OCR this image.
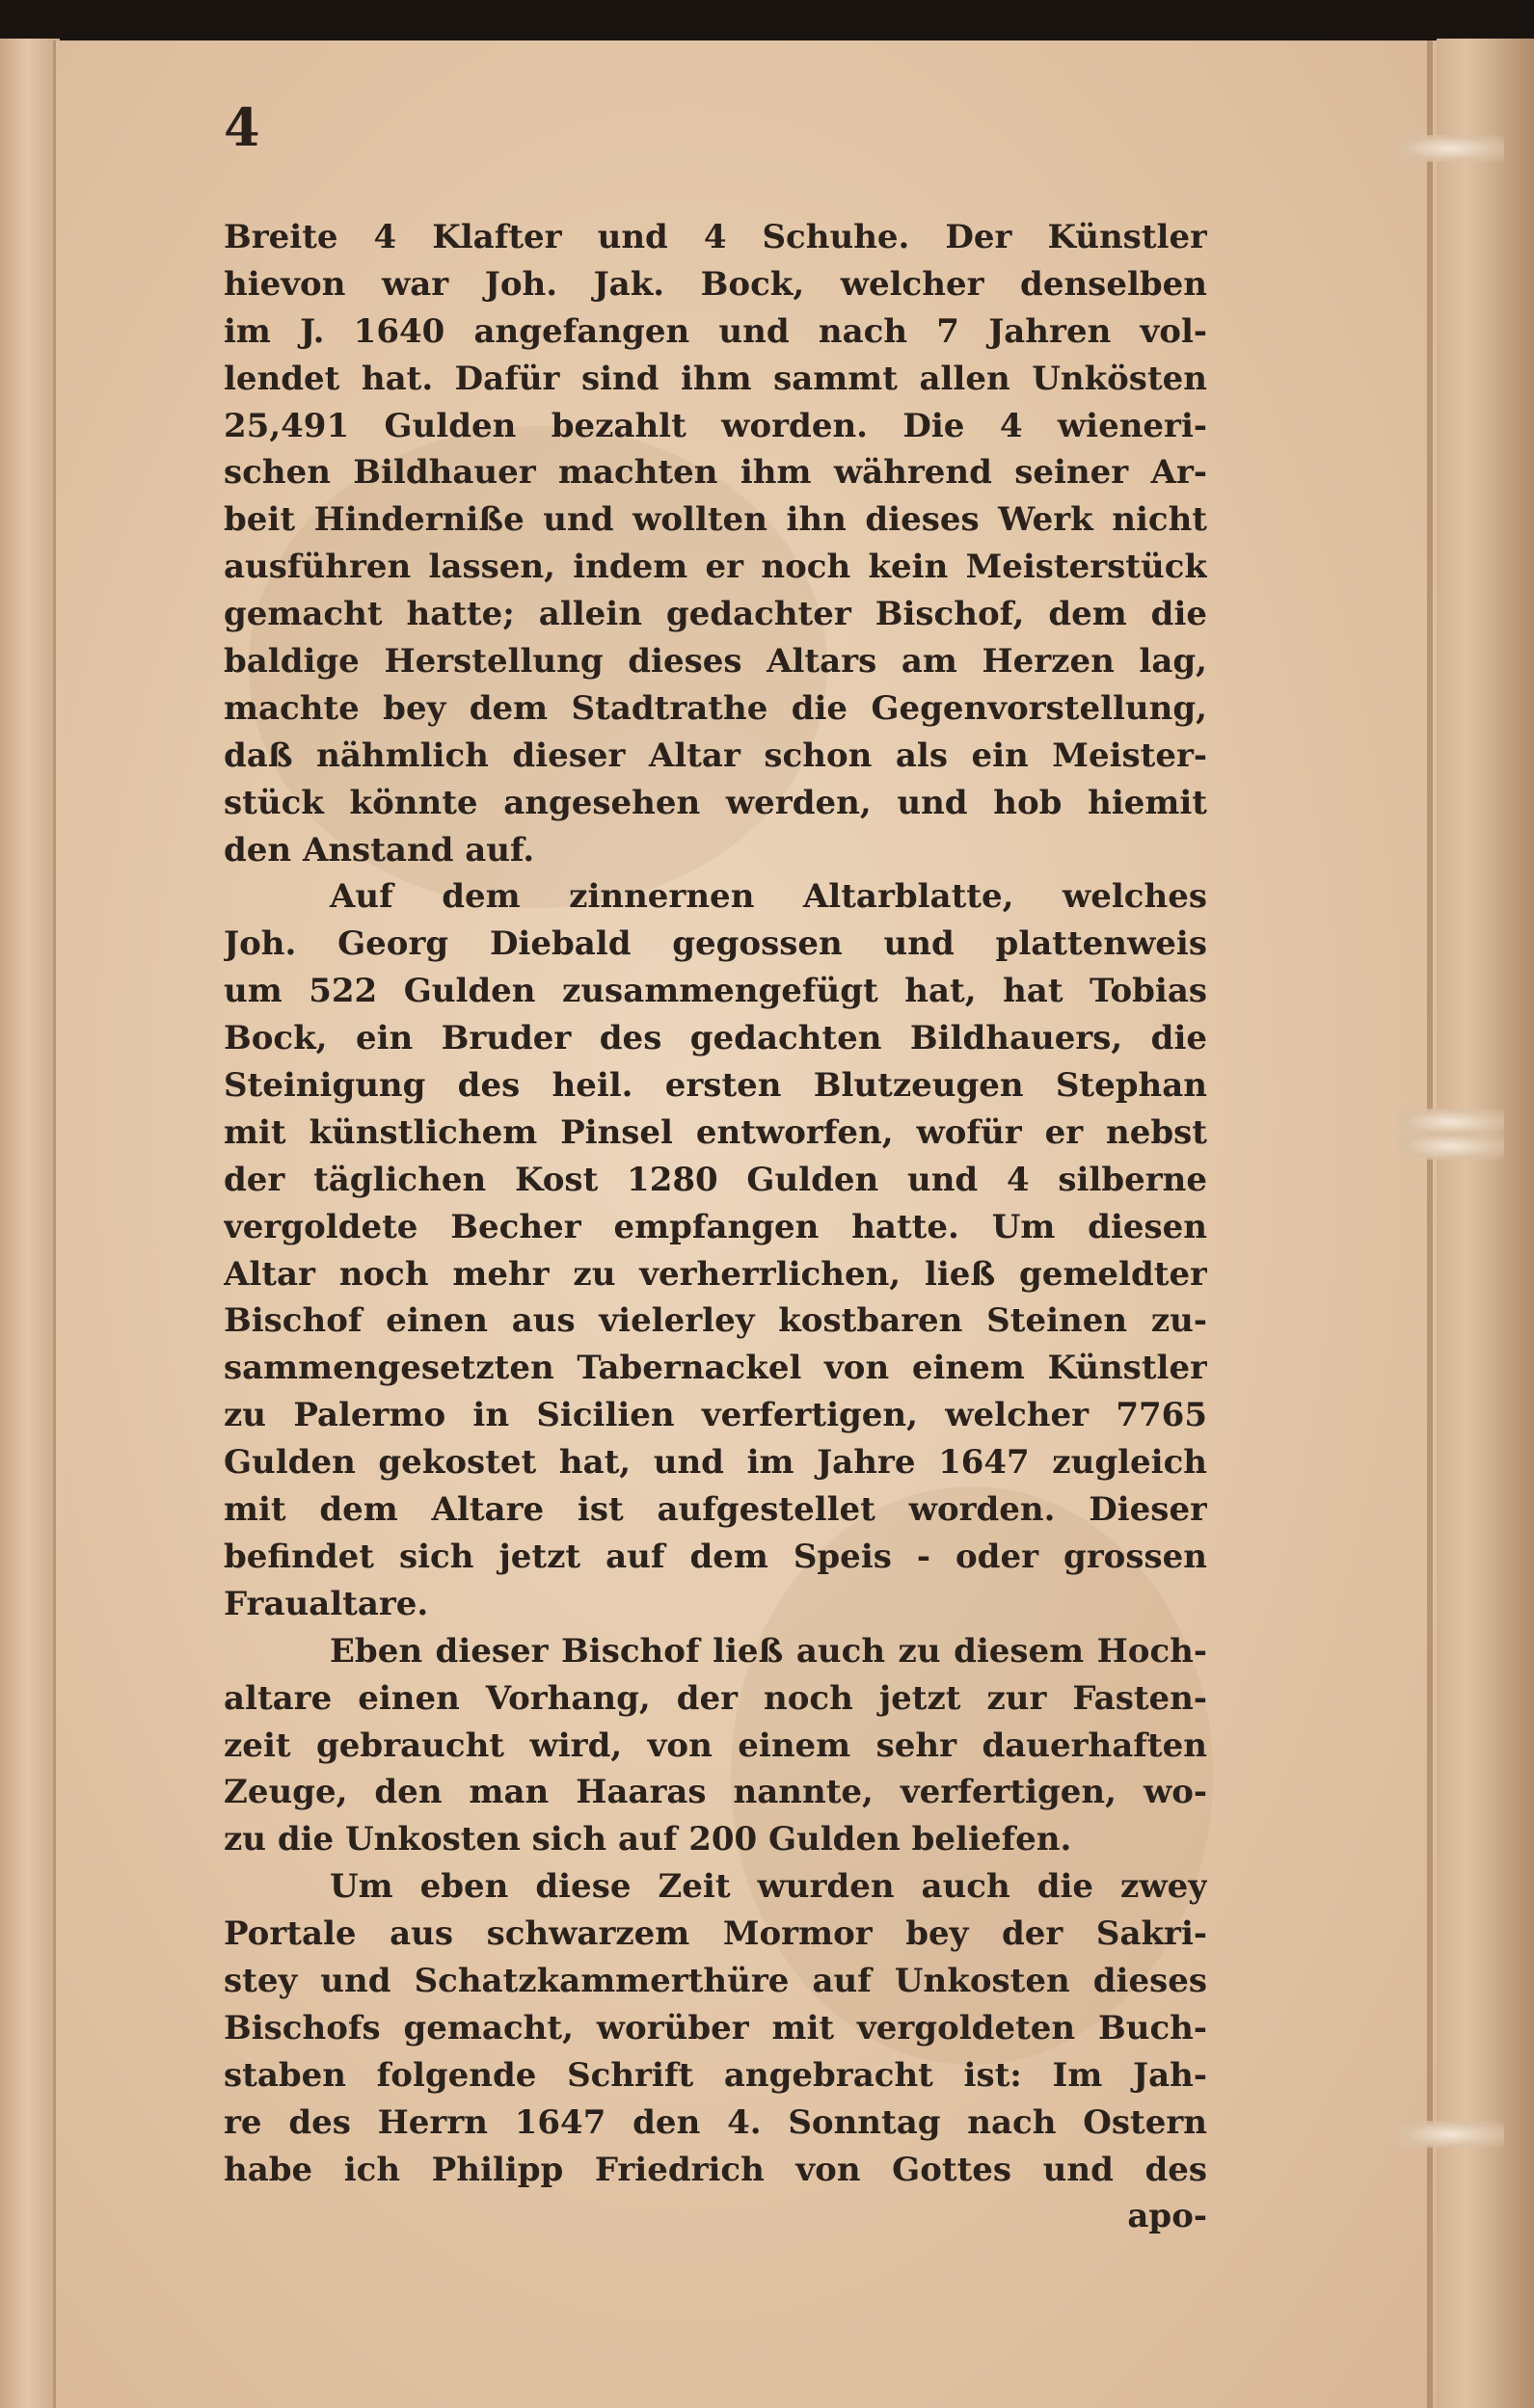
4
Breite 4 Klafter und 4 Schuhe. Der Künstler
hievon war Joh. Jak. Bock, welcher denselben
im J. 1640 angefangen und nach 7 Jahren vol-
lendet hat. Dafür sind ihm sammt allen Unkösten
25,491 Gulden bezahlt worden. Die 4 wieneri-
schen Bildhauer machten ihm während seiner Ar-
beit Hinderniße und wollten ihn dieses Werk nicht
ausführen lassen, indem er noch kein Meisterstück
gemacht hatte; allein gedachter Bischof, dem die
baldige Herstellung dieses Altars am Herzen lag,
machte bey dem Stadtrathe die Gegenvorstellung,
daß nähmlich dieser Altar schon als ein Meister-
stück könnte angesehen werden, und hob hiemit
den Anstand auf.
Auf dem zinnernen Altarblatte, welches
Joh. Georg Diebald gegossen und plattenweis
um 522 Gulden zusammengefügt hat, hat Tobias
Bock, ein Bruder des gedachten Bildhauers, die
Steinigung des heil. ersten Blutzeugen Stephan
mit künstlichem Pinsel entworfen, wofür er nebst
der täglichen Kost 1280 Gulden und 4 silberne
vergoldete Becher empfangen hatte. Um diesen
Altar noch mehr zu verherrlichen, ließ gemeldter
Bischof einen aus vielerley kostbaren Steinen zu-
sammengesetzten Tabernackel von einem Künstler
zu Palermo in Sicilien verfertigen, welcher 7765
Gulden gekostet hat, und im Jahre 1647 zugleich
mit dem Altare ist aufgestellet worden. Dieser
befindet sich jetzt auf dem Speis - oder grossen
Fraualtare.
Eben dieser Bischof ließ auch zu diesem Hoch-
altare einen Vorhang, der noch jetzt zur Fasten-
zeit gebraucht wird, von einem sehr dauerhaften
Zeuge, den man Haaras nannte, verfertigen, wo-
zu die Unkosten sich auf 200 Gulden beliefen.
Um eben diese Zeit wurden auch die zwey
Portale aus schwarzem Mormor bey der Sakri-
stey und Schatzkammerthüre auf Unkosten dieses
Bischofs gemacht, worüber mit vergoldeten Buch-
staben folgende Schrift angebracht ist: Im Jah-
re des Herrn 1647 den 4. Sonntag nach Ostern
habe ich Philipp Friedrich von Gottes und des
apo-
